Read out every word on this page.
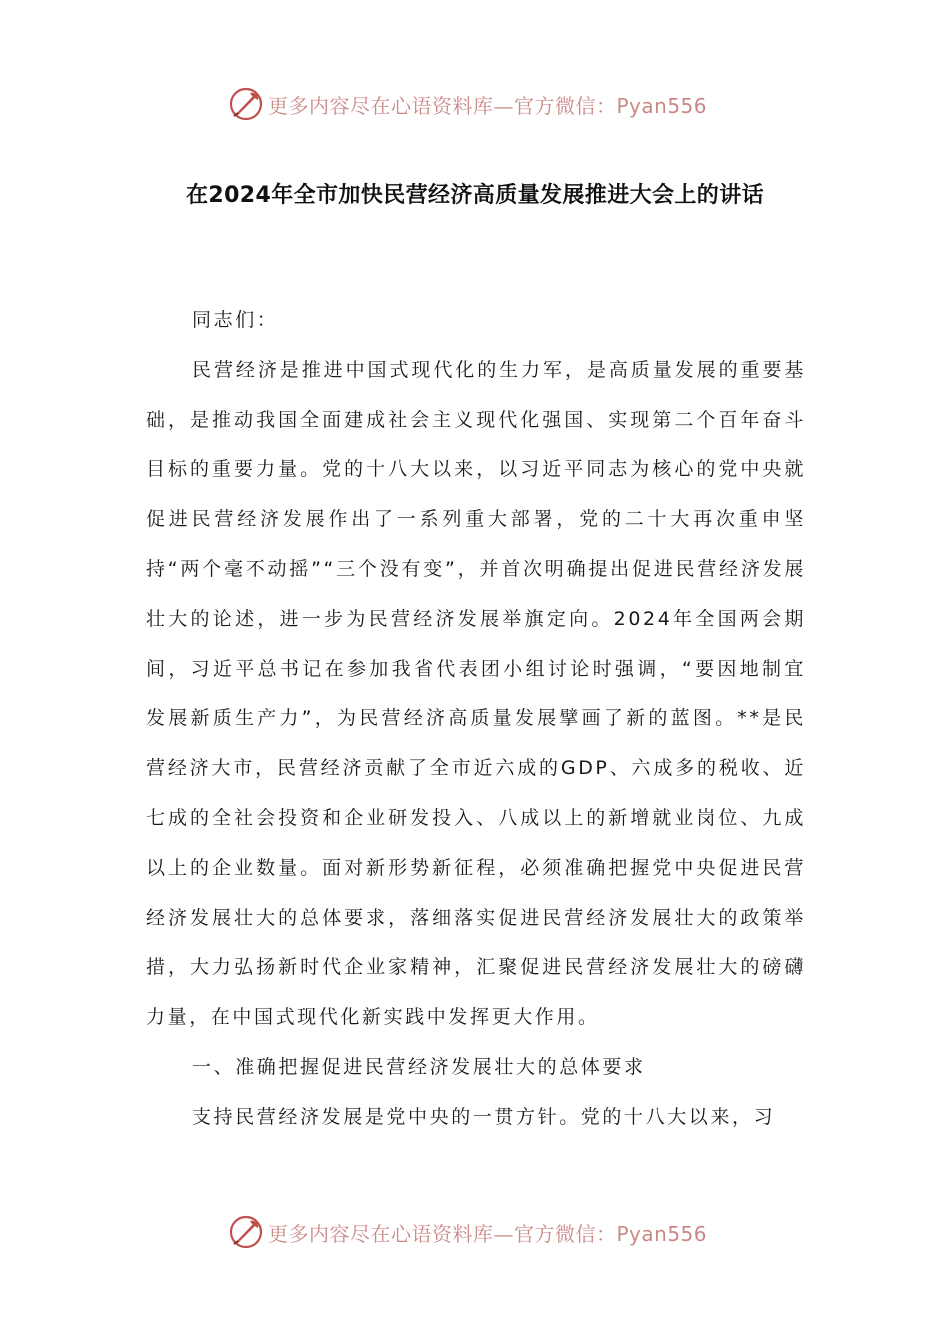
更多内容尽在心语资料库—官方微信：Pyan556
在2024年全市加快民营经济高质量发展推进大会上的讲话

同志们：

民营经济是推进中国式现代化的生力军，是高质量发展的重要基础，是推动我国全面建成社会主义现代化强国、实现第二个百年奋斗目标的重要力量。党的十八大以来，以习近平同志为核心的党中央就促进民营经济发展作出了一系列重大部署，党的二十大再次重申坚持“两个毫不动摇”“三个没有变”，并首次明确提出促进民营经济发展壮大的论述，进一步为民营经济发展举旗定向。2024年全国两会期间，习近平总书记在参加我省代表团小组讨论时强调，“要因地制宜发展新质生产力”，为民营经济高质量发展擘画了新的蓝图。**是民营经济大市，民营经济贡献了全市近六成的GDP、六成多的税收、近七成的全社会投资和企业研发投入、八成以上的新增就业岗位、九成以上的企业数量。面对新形势新征程，必须准确把握党中央促进民营经济发展壮大的总体要求，落细落实促进民营经济发展壮大的政策举措，大力弘扬新时代企业家精神，汇聚促进民营经济发展壮大的磅礴力量，在中国式现代化新实践中发挥更大作用。

一、准确把握促进民营经济发展壮大的总体要求

支持民营经济发展是党中央的一贯方针。党的十八大以来，习

更多内容尽在心语资料库—官方微信：Pyan556
